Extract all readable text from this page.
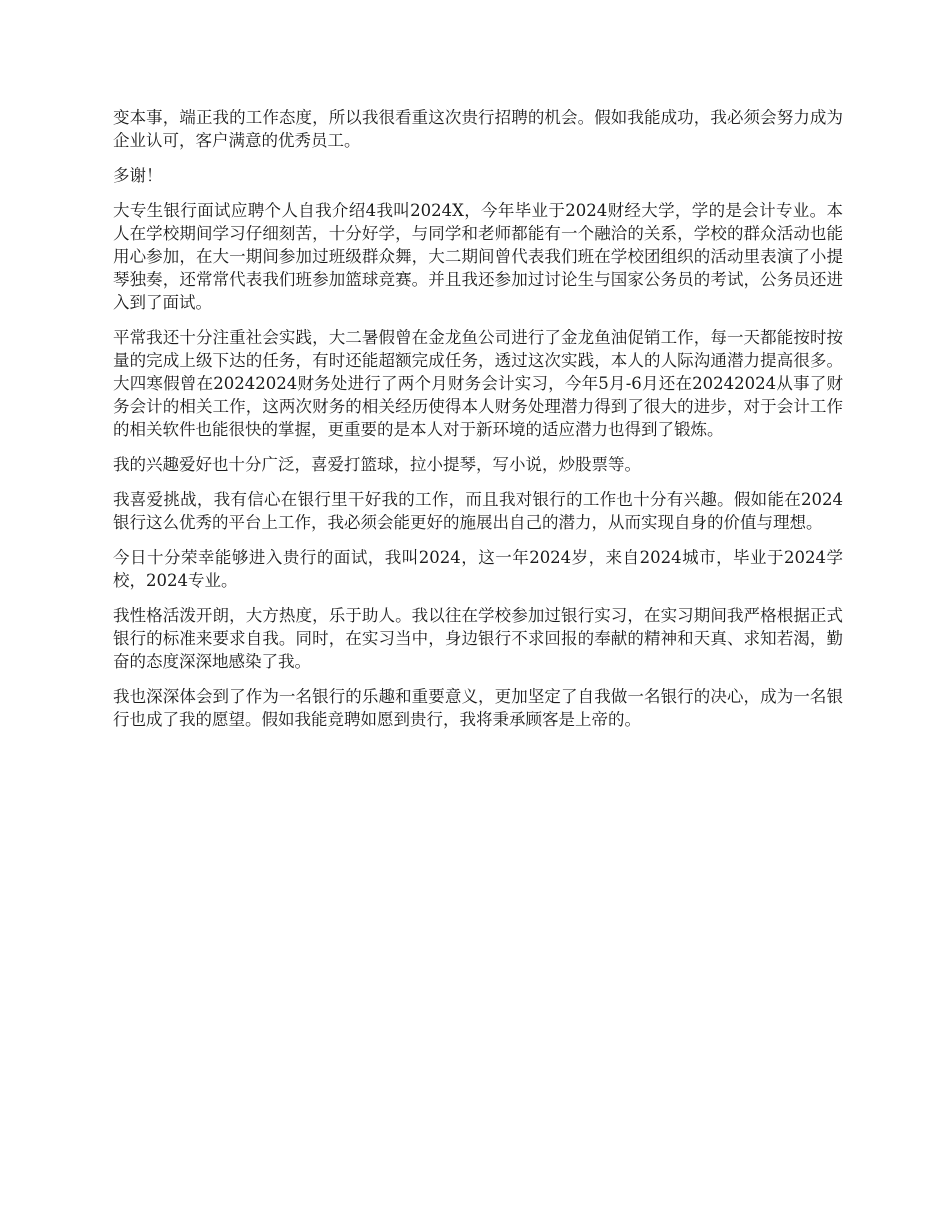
变本事，端正我的工作态度，所以我很看重这次贵行招聘的机会。假如我能成功，我必须会努力成为企业认可，客户满意的优秀员工。

多谢！

大专生银行面试应聘个人自我介绍4我叫2024X，今年毕业于2024财经大学，学的是会计专业。本人在学校期间学习仔细刻苦，十分好学，与同学和老师都能有一个融洽的关系，学校的群众活动也能用心参加，在大一期间参加过班级群众舞，大二期间曾代表我们班在学校团组织的活动里表演了小提琴独奏，还常常代表我们班参加篮球竞赛。并且我还参加过讨论生与国家公务员的考试，公务员还进入到了面试。

平常我还十分注重社会实践，大二暑假曾在金龙鱼公司进行了金龙鱼油促销工作，每一天都能按时按量的完成上级下达的任务，有时还能超额完成任务，透过这次实践，本人的人际沟通潜力提高很多。大四寒假曾在20242024财务处进行了两个月财务会计实习，今年5月-6月还在20242024从事了财务会计的相关工作，这两次财务的相关经历使得本人财务处理潜力得到了很大的进步，对于会计工作的相关软件也能很快的掌握，更重要的是本人对于新环境的适应潜力也得到了锻炼。

我的兴趣爱好也十分广泛，喜爱打篮球，拉小提琴，写小说，炒股票等。

我喜爱挑战，我有信心在银行里干好我的工作，而且我对银行的工作也十分有兴趣。假如能在2024银行这么优秀的平台上工作，我必须会能更好的施展出自己的潜力，从而实现自身的价值与理想。

今日十分荣幸能够进入贵行的面试，我叫2024，这一年2024岁，来自2024城市，毕业于2024学校，2024专业。

我性格活泼开朗，大方热度，乐于助人。我以往在学校参加过银行实习，在实习期间我严格根据正式银行的标准来要求自我。同时，在实习当中，身边银行不求回报的奉献的精神和天真、求知若渴，勤奋的态度深深地感染了我。

我也深深体会到了作为一名银行的乐趣和重要意义，更加坚定了自我做一名银行的决心，成为一名银行也成了我的愿望。假如我能竞聘如愿到贵行，我将秉承顾客是上帝的。
